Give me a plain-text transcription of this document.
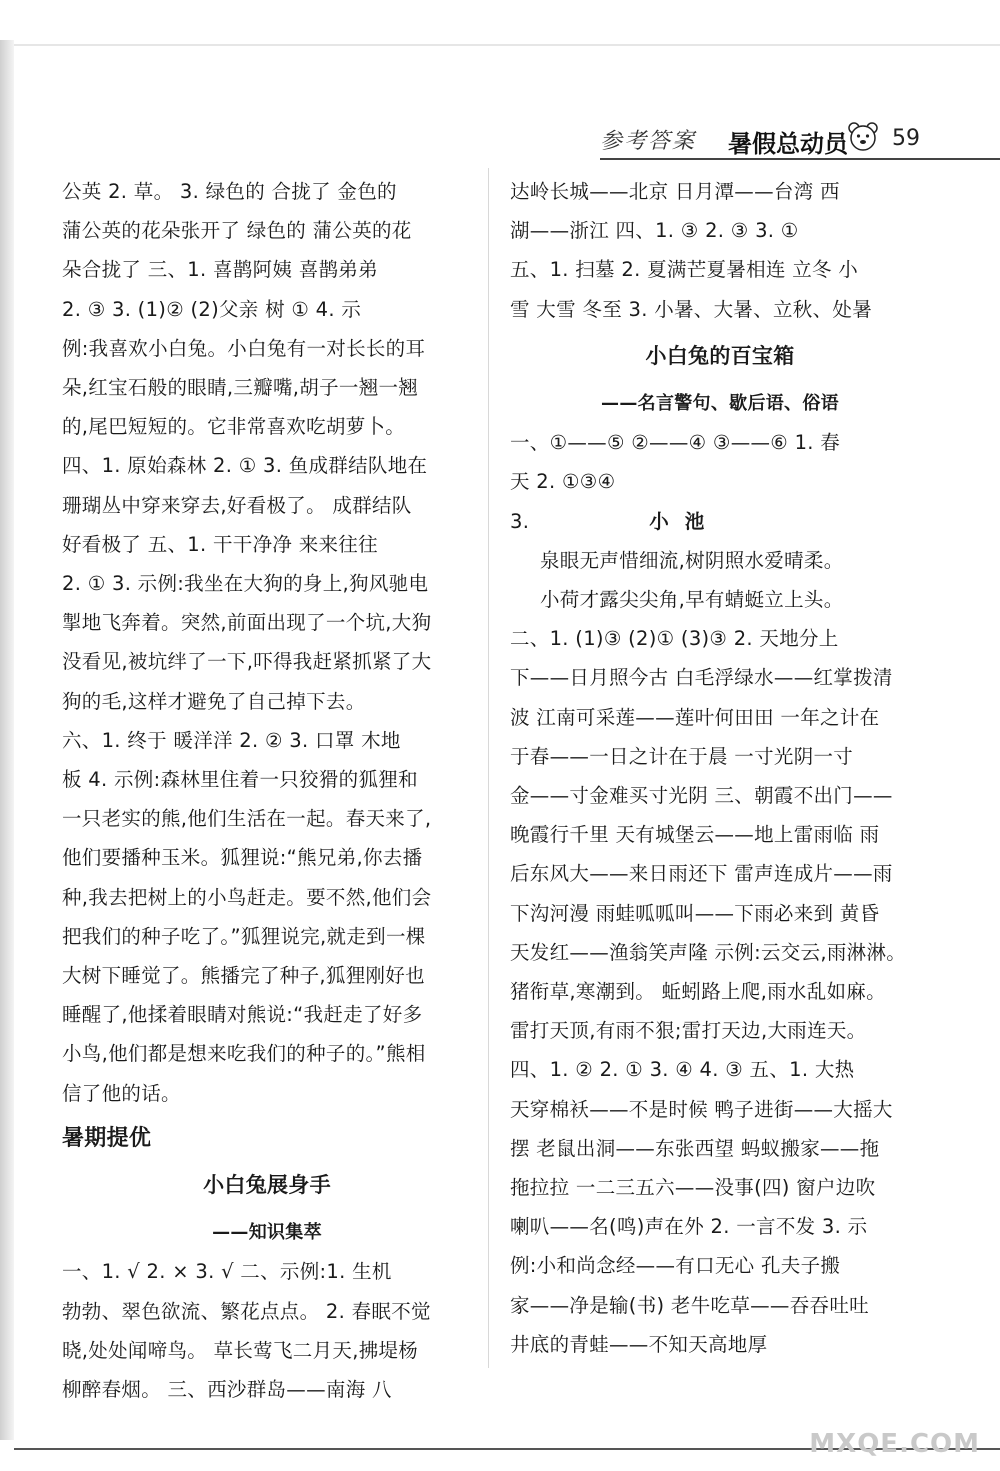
参考答案 暑假总动员 59

公英 2. 草。 3. 绿色的 合拢了 金色的

蒲公英的花朵张开了 绿色的 蒲公英的花

朵合拢了 三、1. 喜鹊阿姨 喜鹊弟弟

2. ③ 3. (1)② (2)父亲 树 ① 4. 示

例:我喜欢小白兔。小白兔有一对长长的耳

朵,红宝石般的眼睛,三瓣嘴,胡子一翘一翘

的,尾巴短短的。它非常喜欢吃胡萝卜。

四、1. 原始森林 2. ① 3. 鱼成群结队地在

珊瑚丛中穿来穿去,好看极了。 成群结队

好看极了 五、1. 干干净净 来来往往

2. ① 3. 示例:我坐在大狗的身上,狗风驰电

掣地飞奔着。突然,前面出现了一个坑,大狗

没看见,被坑绊了一下,吓得我赶紧抓紧了大

狗的毛,这样才避免了自己掉下去。

六、1. 终于 暖洋洋 2. ② 3. 口罩 木地

板 4. 示例:森林里住着一只狡猾的狐狸和

一只老实的熊,他们生活在一起。春天来了,

他们要播种玉米。狐狸说:“熊兄弟,你去播

种,我去把树上的小鸟赶走。要不然,他们会

把我们的种子吃了。”狐狸说完,就走到一棵

大树下睡觉了。熊播完了种子,狐狸刚好也

睡醒了,他揉着眼睛对熊说:“我赶走了好多

小鸟,他们都是想来吃我们的种子的。”熊相

信了他的话。

暑期提优

小白兔展身手

——知识集萃

一、1. √ 2. × 3. √ 二、示例:1. 生机

勃勃、翠色欲流、繁花点点。 2. 春眠不觉

晓,处处闻啼鸟。 草长莺飞二月天,拂堤杨

柳醉春烟。 三、西沙群岛——南海 八

达岭长城——北京 日月潭——台湾 西

湖——浙江 四、1. ③ 2. ③ 3. ①

五、1. 扫墓 2. 夏满芒夏暑相连 立冬 小

雪 大雪 冬至 3. 小暑、大暑、立秋、处暑

小白兔的百宝箱

——名言警句、歇后语、俗语

一、①——⑤ ②——④ ③——⑥ 1. 春

天 2. ①③④

3.	小池

泉眼无声惜细流,树阴照水爱晴柔。

小荷才露尖尖角,早有蜻蜓立上头。

二、1. (1)③ (2)① (3)③ 2. 天地分上

下——日月照今古 白毛浮绿水——红掌拨清

波 江南可采莲——莲叶何田田 一年之计在

于春——一日之计在于晨 一寸光阴一寸

金——寸金难买寸光阴 三、朝霞不出门——

晚霞行千里 天有城堡云——地上雷雨临 雨

后东风大——来日雨还下 雷声连成片——雨

下沟河漫 雨蛙呱呱叫——下雨必来到 黄昏

天发红——渔翁笑声隆 示例:云交云,雨淋淋。

猪衔草,寒潮到。 蚯蚓路上爬,雨水乱如麻。

雷打天顶,有雨不狠;雷打天边,大雨连天。

四、1. ② 2. ① 3. ④ 4. ③ 五、1. 大热

天穿棉袄——不是时候 鸭子进街——大摇大

摆 老鼠出洞——东张西望 蚂蚁搬家——拖

拖拉拉 一二三五六——没事(四) 窗户边吹

喇叭——名(鸣)声在外 2. 一言不发 3. 示

例:小和尚念经——有口无心 孔夫子搬

家——净是输(书) 老牛吃草——吞吞吐吐

井底的青蛙——不知天高地厚

MXQE.COM
